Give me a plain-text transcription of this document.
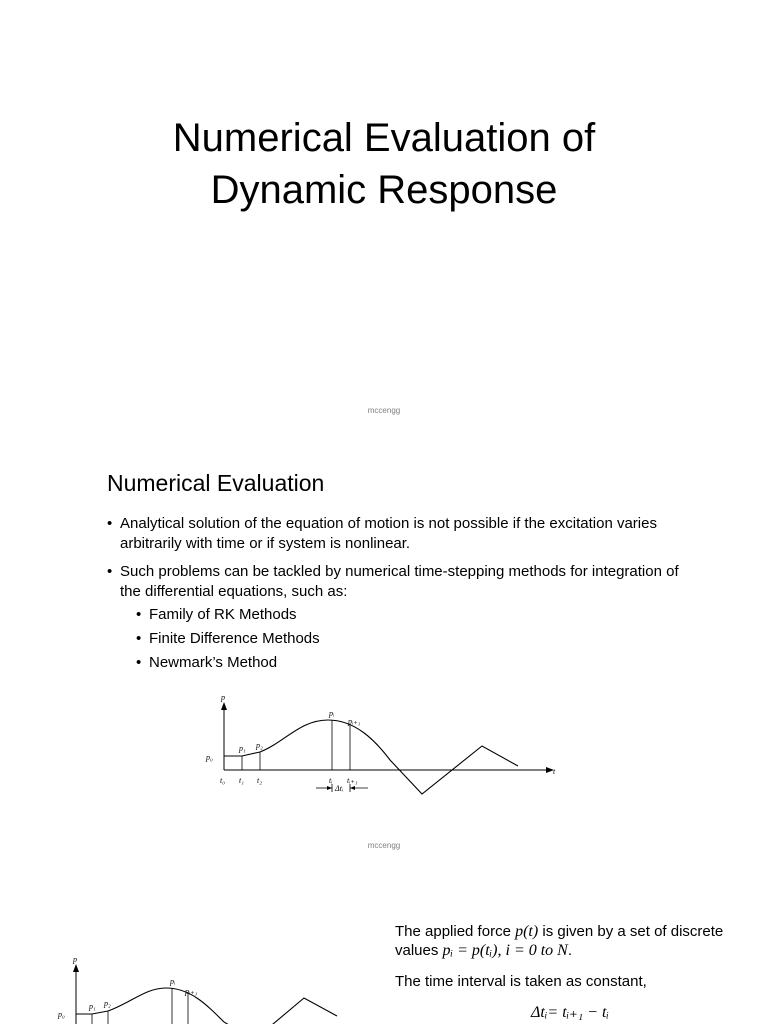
Numerical Evaluation of
Dynamic Response
mccengg
Numerical Evaluation
• Analytical solution of the equation of motion is not possible if the excitation varies arbitrarily with time or if system is nonlinear.
• Such problems can be tackled by numerical time-stepping methods for integration of the differential equations, such as:
• Family of RK Methods
• Finite Difference Methods
• Newmark’s Method
p
t
p₀
p₁ p₂
pᵢ
pᵢ₊₁
t₀ t₁ t₂	tᵢ tᵢ₊₁
Δtᵢ
mccengg
p
p₀
p₁ p₂
pᵢ
pᵢ₊₁

The applied force p(t) is given by a set of discrete values pᵢ = p(tᵢ), i = 0 to N.

The time interval is taken as constant,

Δtᵢ= tᵢ₊₁ − tᵢ
